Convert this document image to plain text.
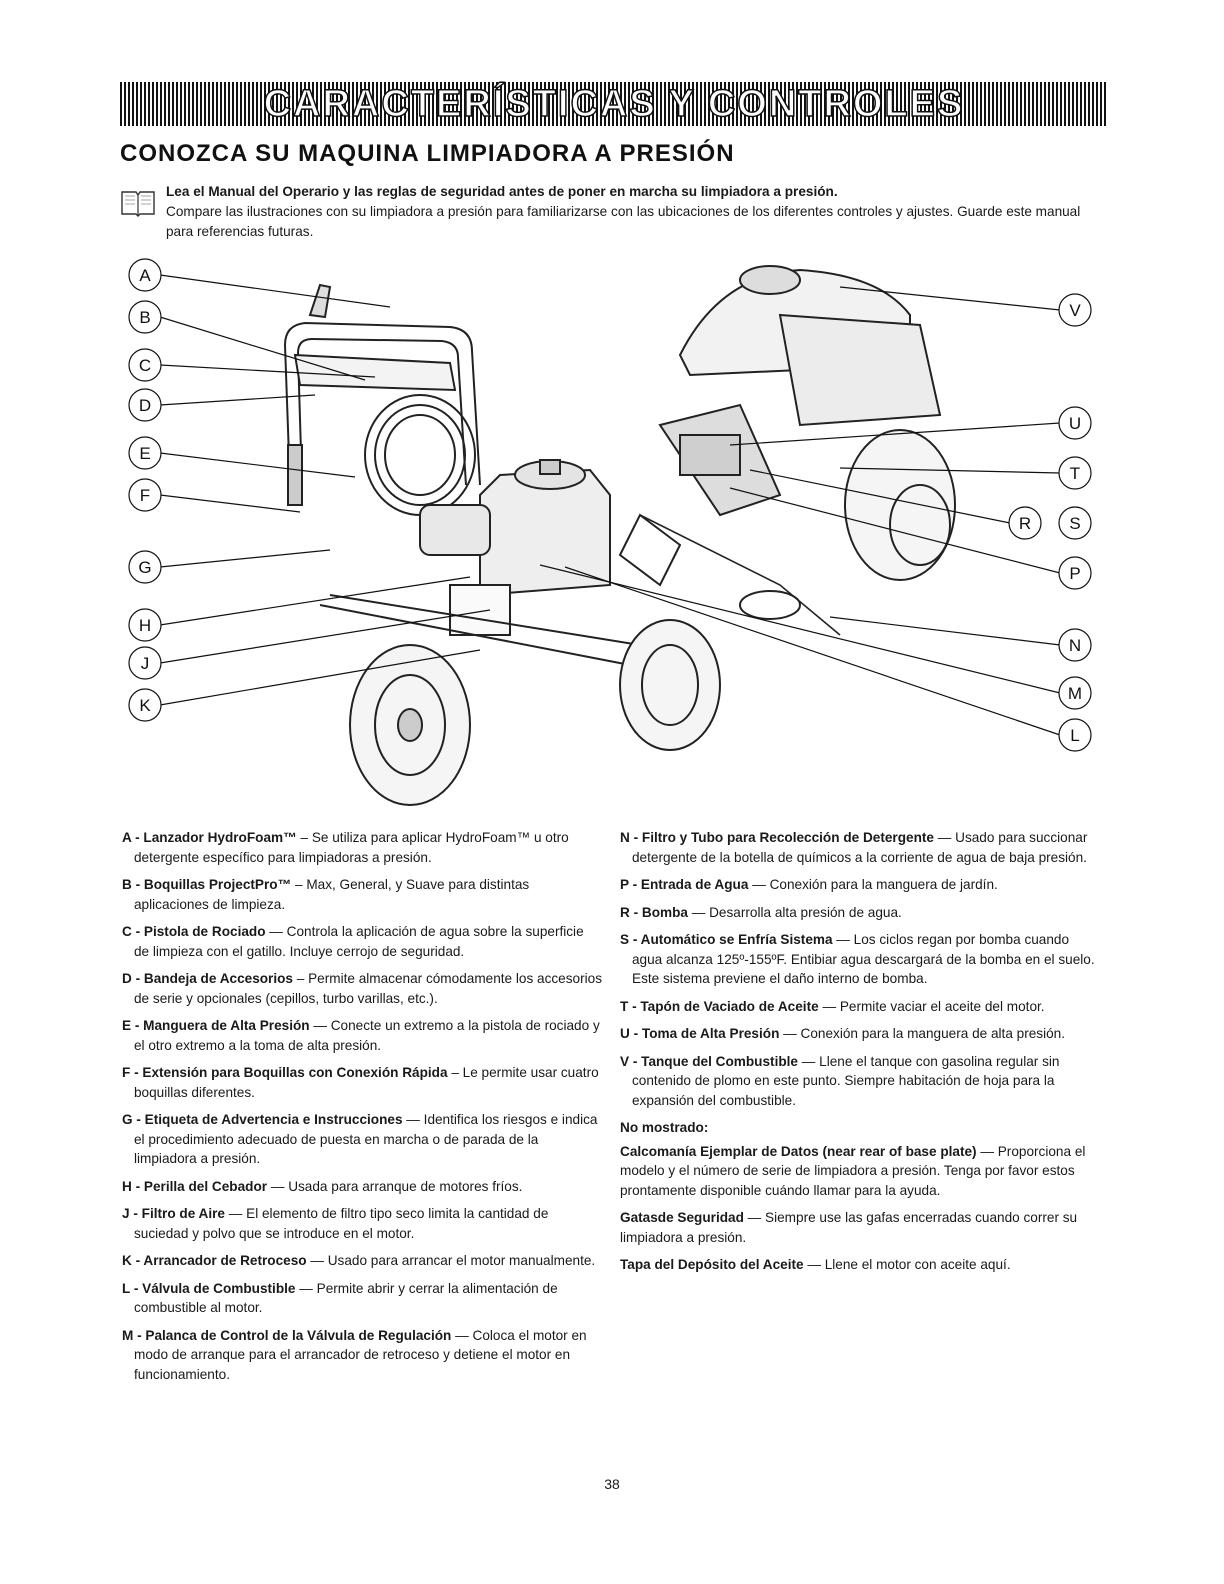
CARACTERÍSTICAS Y CONTROLES
CONOZCA SU MAQUINA LIMPIADORA A PRESIÓN
Lea el Manual del Operario y las reglas de seguridad antes de poner en marcha su limpiadora a presión.
Compare las ilustraciones con su limpiadora a presión para familiarizarse con las ubicaciones de los diferentes controles y ajustes. Guarde este manual para referencias futuras.
A
B
C
D
E
F
G
H
J
K
V
U
T
R S
P
N
M
L
A - Lanzador HydroFoam™ – Se utiliza para aplicar HydroFoam™ u otro detergente específico para limpiadoras a presión.
B - Boquillas ProjectPro™ – Max, General, y Suave para distintas aplicaciones de limpieza.
C - Pistola de Rociado — Controla la aplicación de agua sobre la superficie de limpieza con el gatillo. Incluye cerrojo de seguridad.
D - Bandeja de Accesorios – Permite almacenar cómodamente los accesorios de serie y opcionales (cepillos, turbo varillas, etc.).
E - Manguera de Alta Presión — Conecte un extremo a la pistola de rociado y el otro extremo a la toma de alta presión.
F - Extensión para Boquillas con Conexión Rápida – Le permite usar cuatro boquillas diferentes.
G - Etiqueta de Advertencia e Instrucciones — Identifica los riesgos e indica el procedimiento adecuado de puesta en marcha o de parada de la limpiadora a presión.
H - Perilla del Cebador — Usada para arranque de motores fríos.
J - Filtro de Aire — El elemento de filtro tipo seco limita la cantidad de suciedad y polvo que se introduce en el motor.
K - Arrancador de Retroceso — Usado para arrancar el motor manualmente.
L - Válvula de Combustible — Permite abrir y cerrar la alimentación de combustible al motor.
M - Palanca de Control de la Válvula de Regulación — Coloca el motor en modo de arranque para el arrancador de retroceso y detiene el motor en funcionamiento.
N - Filtro y Tubo para Recolección de Detergente — Usado para succionar detergente de la botella de químicos a la corriente de agua de baja presión.
P - Entrada de Agua — Conexión para la manguera de jardín.
R - Bomba — Desarrolla alta presión de agua.
S - Automático se Enfría Sistema — Los ciclos regan por bomba cuando agua alcanza 125º-155ºF. Entibiar agua descargará de la bomba en el suelo. Este sistema previene el daño interno de bomba.
T - Tapón de Vaciado de Aceite — Permite vaciar el aceite del motor.
U - Toma de Alta Presión — Conexión para la manguera de alta presión.
V - Tanque del Combustible — Llene el tanque con gasolina regular sin contenido de plomo en este punto. Siempre habitación de hoja para la expansión del combustible.
No mostrado:
Calcomanía Ejemplar de Datos (near rear of base plate) — Proporciona el modelo y el número de serie de limpiadora a presión. Tenga por favor estos prontamente disponible cuándo llamar para la ayuda.
Gatasde Seguridad — Siempre use las gafas encerradas cuando correr su limpiadora a presión.
Tapa del Depósito del Aceite — Llene el motor con aceite aquí.
38
